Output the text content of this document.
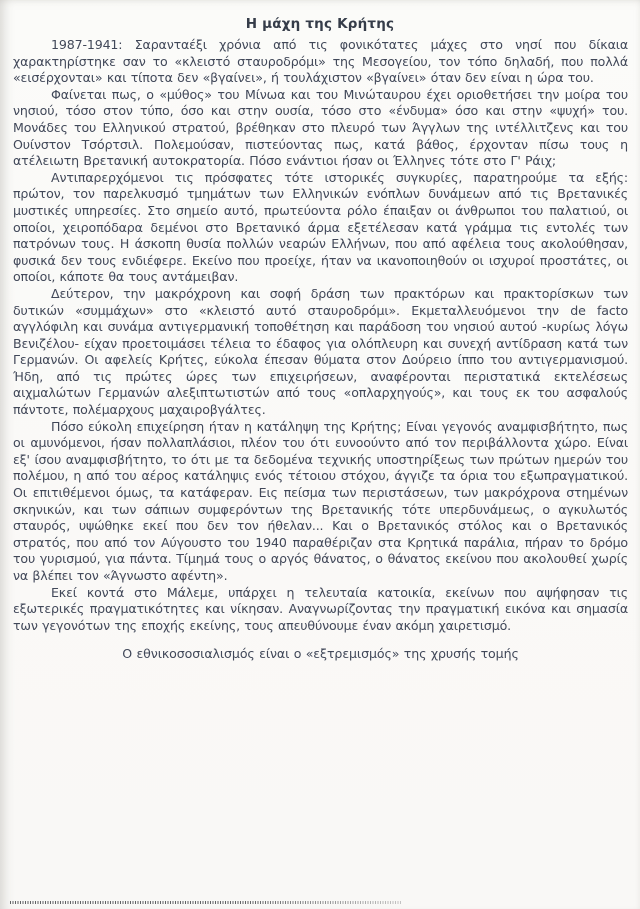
Η μάχη της Κρήτης

1987-1941: Σαρανταέξι χρόνια από τις φονικότατες μάχες στο νησί που δίκαια χαρακτηρίστηκε σαν το «κλειστό σταυροδρόμι» της Μεσογείου, τον τόπο δηλαδή, που πολλά «εισέρχονται» και τίποτα δεν «βγαίνει», ή τουλάχιστον «βγαίνει» όταν δεν είναι η ώρα του.

Φαίνεται πως, ο «μύθος» του Μίνωα και του Μινώταυρου έχει οριοθετήσει την μοίρα του νησιού, τόσο στον τύπο, όσο και στην ουσία, τόσο στο «ένδυμα» όσο και στην «ψυχή» του. Μονάδες του Ελληνικού στρατού, βρέθηκαν στο πλευρό των Άγγλων της ιντέλλιτζενς και του Ουίνστον Τσόρτσιλ. Πολεμούσαν, πιστεύοντας πως, κατά βάθος, έρχονταν πίσω τους η ατέλειωτη Βρετανική αυτοκρατορία. Πόσο ενάντιοι ήσαν οι Έλληνες τότε στο Γ' Ράιχ;

Αντιπαρερχόμενοι τις πρόσφατες τότε ιστορικές συγκυρίες, παρατηρούμε τα εξής: πρώτον, τον παρελκυσμό τμημάτων των Ελληνικών ενόπλων δυνάμεων από τις Βρετανικές μυστικές υπηρεσίες. Στο σημείο αυτό, πρωτεύοντα ρόλο έπαιξαν οι άνθρωποι του παλατιού, οι οποίοι, χειροπόδαρα δεμένοι στο Βρετανικό άρμα εξετέλεσαν κατά γράμμα τις εντολές των πατρόνων τους. Η άσκοπη θυσία πολλών νεαρών Ελλήνων, που από αφέλεια τους ακολούθησαν, φυσικά δεν τους ενδιέφερε. Εκείνο που προείχε, ήταν να ικανοποιηθούν οι ισχυροί προστάτες, οι οποίοι, κάποτε θα τους αντάμειβαν.

Δεύτερον, την μακρόχρονη και σοφή δράση των πρακτόρων και πρακτορίσκων των δυτικών «συμμάχων» στο «κλειστό αυτό σταυροδρόμι». Εκμεταλλευόμενοι την de facto αγγλόφιλη και συνάμα αντιγερμανική τοποθέτηση και παράδοση του νησιού αυτού -κυρίως λόγω Βενιζέλου- είχαν προετοιμάσει τέλεια το έδαφος για ολόπλευρη και συνεχή αντίδραση κατά των Γερμανών. Οι αφελείς Κρήτες, εύκολα έπεσαν θύματα στον Δούρειο ίππο του αντιγερμανισμού. Ήδη, από τις πρώτες ώρες των επιχειρήσεων, αναφέρονται περιστατικά εκτελέσεως αιχμαλώτων Γερμανών αλεξιπτωτιστών από τους «οπλαρχηγούς», και τους εκ του ασφαλούς πάντοτε, πολέμαρχους μαχαιροβγάλτες.

Πόσο εύκολη επιχείρηση ήταν η κατάληψη της Κρήτης; Είναι γεγονός αναμφισβήτητο, πως οι αμυνόμενοι, ήσαν πολλαπλάσιοι, πλέον του ότι ευνοούντο από τον περιβάλλοντα χώρο. Είναι εξ' ίσου αναμφισβήτητο, το ότι με τα δεδομένα τεχνικής υποστηρίξεως των πρώτων ημερών του πολέμου, η από του αέρος κατάληψις ενός τέτοιου στόχου, άγγιζε τα όρια του εξωπραγματικού. Οι επιτιθέμενοι όμως, τα κατάφεραν. Εις πείσμα των περιστάσεων, των μακρόχρονα στημένων σκηνικών, και των σάπιων συμφερόντων της Βρετανικής τότε υπερδυνάμεως, ο αγκυλωτός σταυρός, υψώθηκε εκεί που δεν τον ήθελαν... Και ο Βρετανικός στόλος και ο Βρετανικός στρατός, που από τον Αύγουστο του 1940 παραθέριζαν στα Κρητικά παράλια, πήραν το δρόμο του γυρισμού, για πάντα. Τίμημά τους ο αργός θάνατος, ο θάνατος εκείνου που ακολουθεί χωρίς να βλέπει τον «Άγνωστο αφέντη».

Εκεί κοντά στο Μάλεμε, υπάρχει η τελευταία κατοικία, εκείνων που αψήφησαν τις εξωτερικές πραγματικότητες και νίκησαν. Αναγνωρίζοντας την πραγματική εικόνα και σημασία των γεγονότων της εποχής εκείνης, τους απευθύνουμε έναν ακόμη χαιρετισμό.

Ο εθνικοσοσιαλισμός είναι ο «εξτρεμισμός» της χρυσής τομής
